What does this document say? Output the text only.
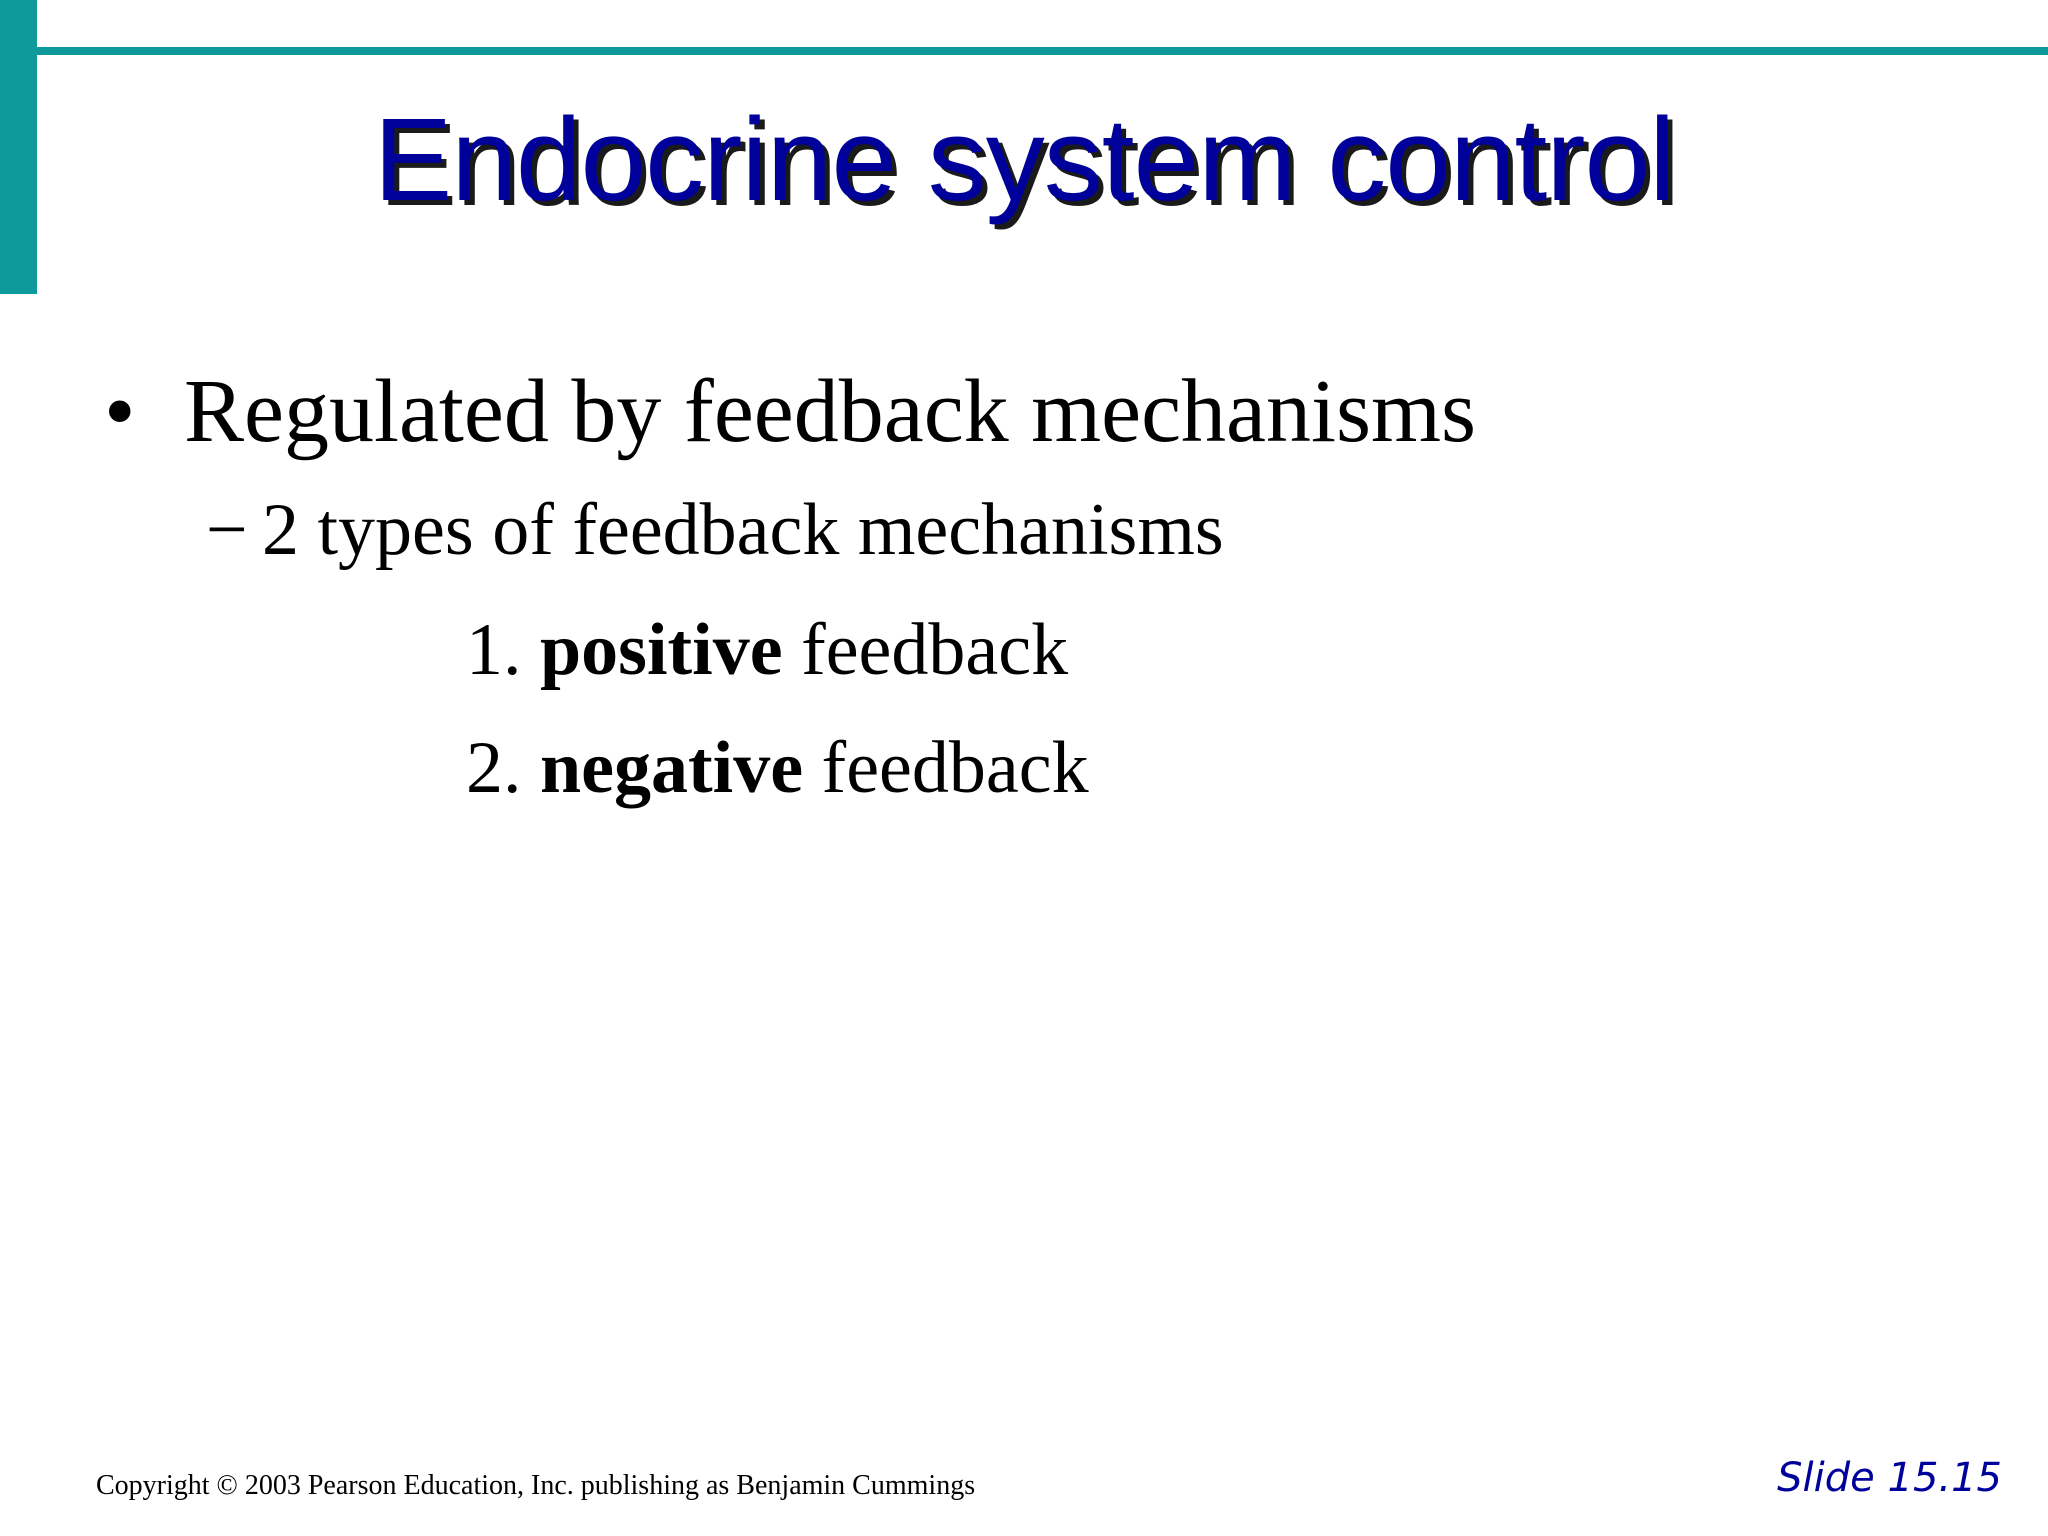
Endocrine system control
• Regulated by feedback mechanisms
− 2 types of feedback mechanisms
1. positive feedback
2. negative feedback
Copyright © 2003 Pearson Education, Inc. publishing as Benjamin Cummings	Slide 15.15
